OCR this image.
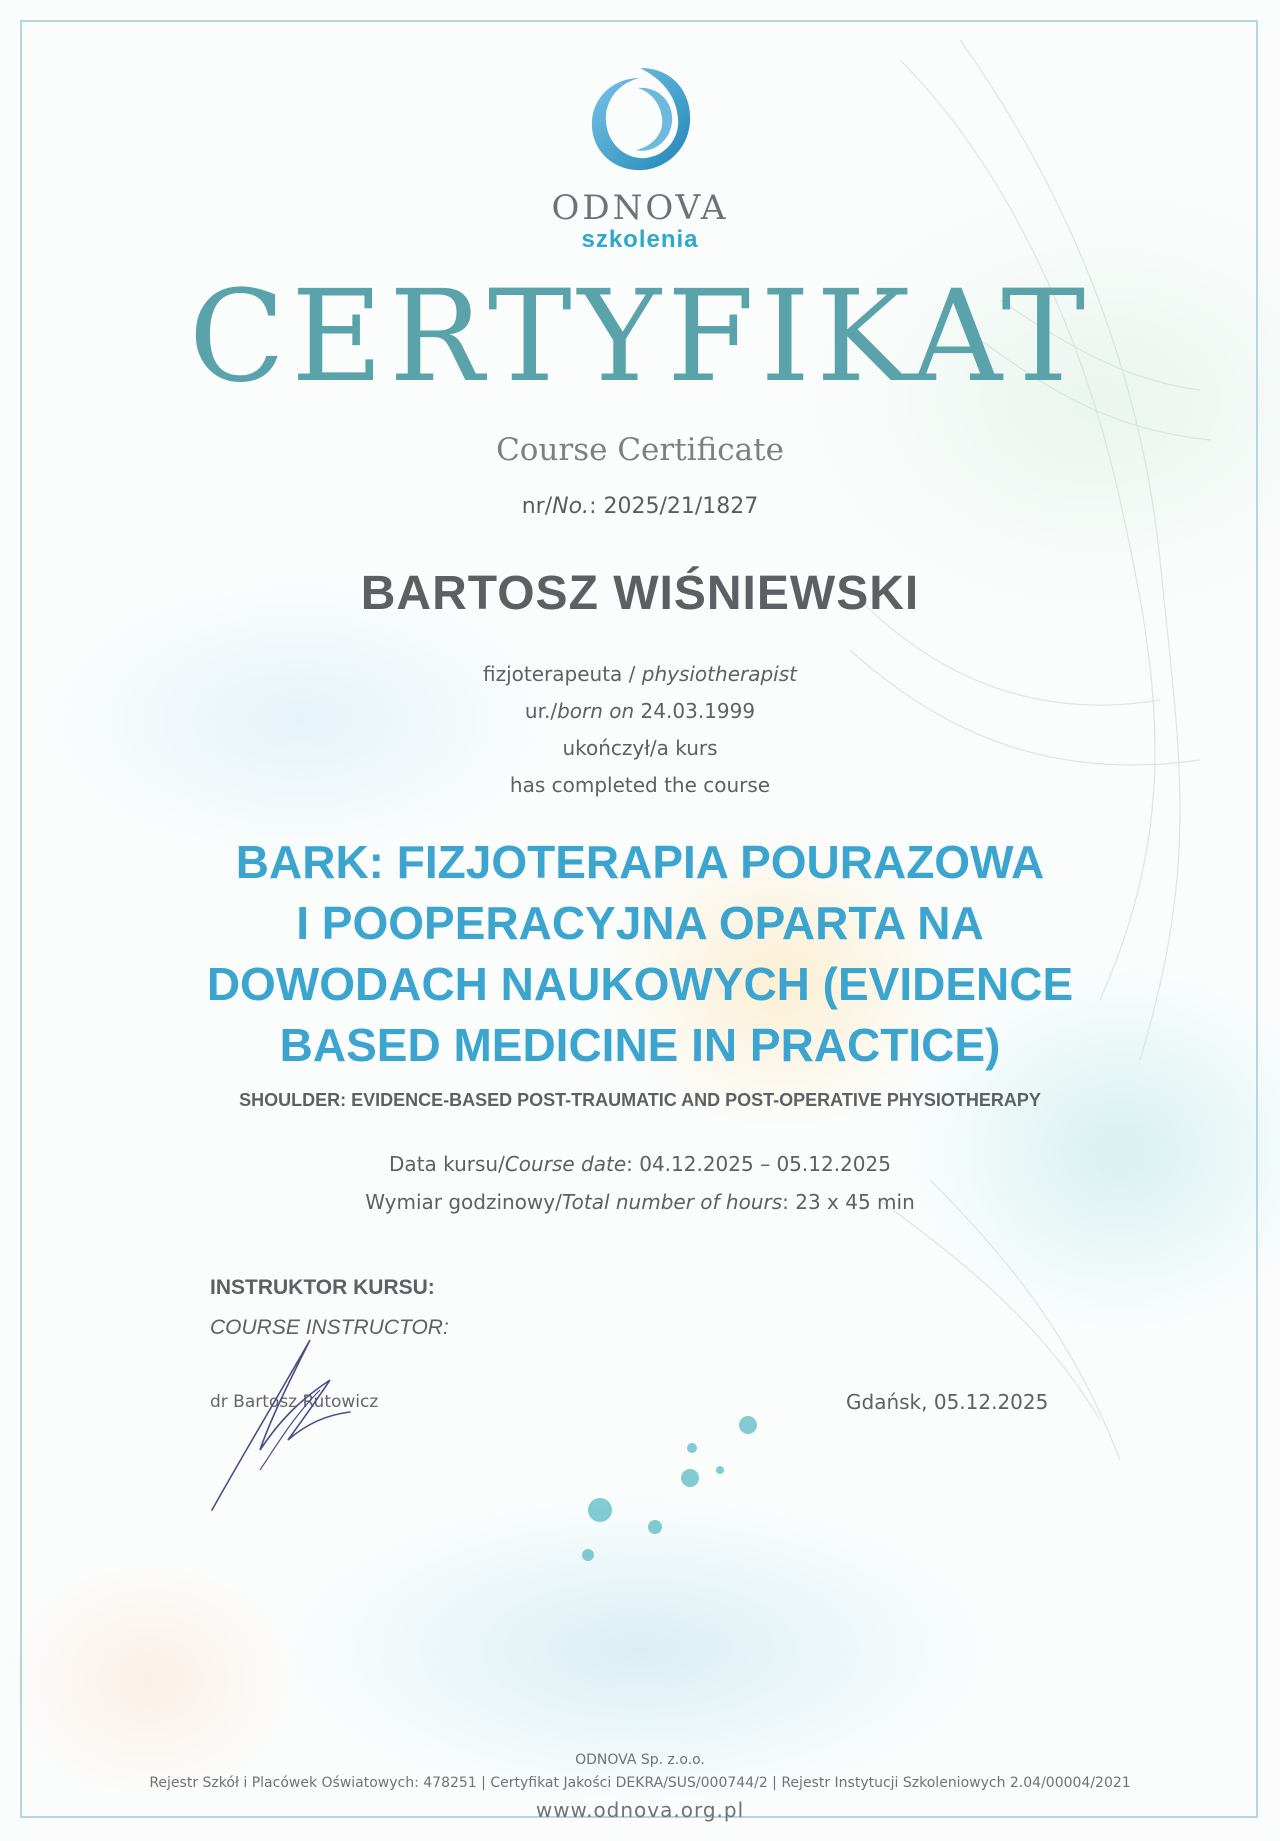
ODNOVA
szkolenia
CERTYFIKAT
Course Certificate
nr/No.: 2025/21/1827
BARTOSZ WIŚNIEWSKI
fizjoterapeuta / physiotherapist
ur./born on 24.03.1999
ukończył/a kurs
has completed the course
BARK: FIZJOTERAPIA POURAZOWA
I POOPERACYJNA OPARTA NA
DOWODACH NAUKOWYCH (EVIDENCE
BASED MEDICINE IN PRACTICE)
SHOULDER: EVIDENCE-BASED POST-TRAUMATIC AND POST-OPERATIVE PHYSIOTHERAPY
Data kursu/Course date: 04.12.2025 – 05.12.2025
Wymiar godzinowy/Total number of hours: 23 x 45 min
INSTRUKTOR KURSU:
COURSE INSTRUCTOR:
dr Bartosz Rutowicz	Gdańsk, 05.12.2025
ODNOVA Sp. z.o.o.
Rejestr Szkół i Placówek Oświatowych: 478251 | Certyfikat Jakości DEKRA/SUS/000744/2 | Rejestr Instytucji Szkoleniowych 2.04/00004/2021
www.odnova.org.pl
